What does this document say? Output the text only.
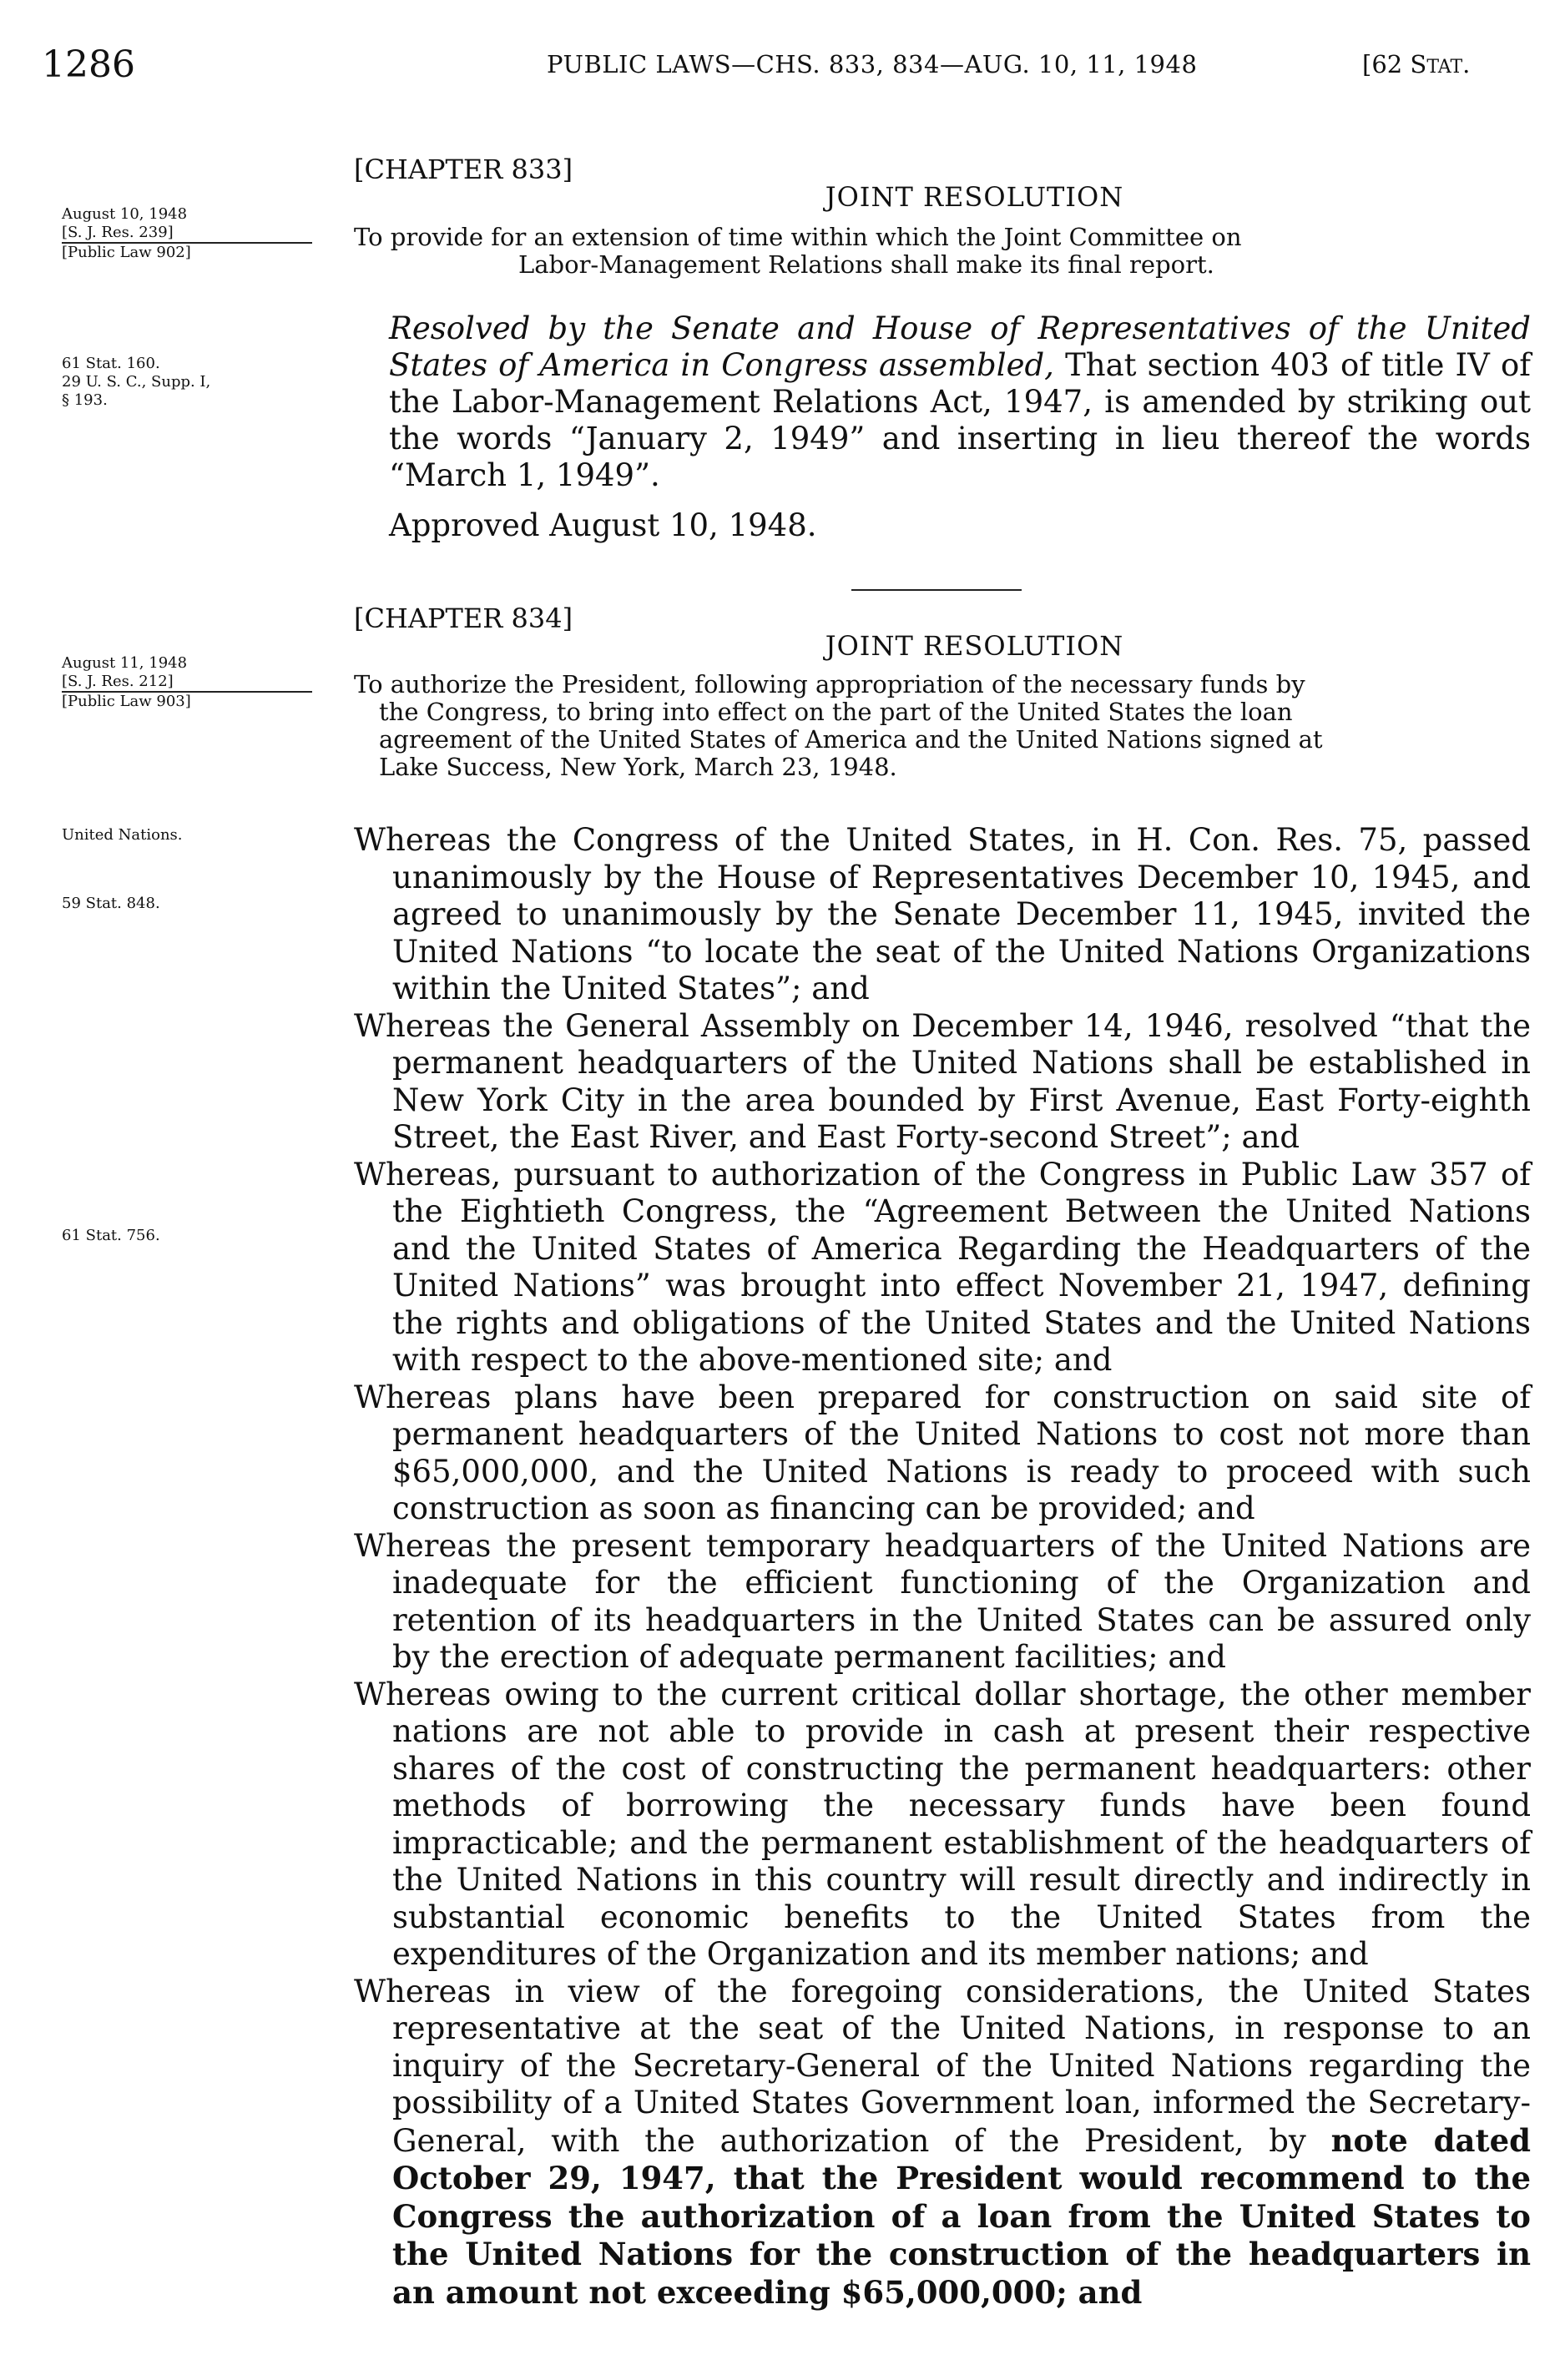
1286	PUBLIC LAWS—CHS. 833, 834—AUG. 10, 11, 1948	[62 STAT.
[CHAPTER 833]
JOINT RESOLUTION
August 10, 1948
[S. J. Res. 239]
[Public Law 902]
To provide for an extension of time within which the Joint Committee on
Labor-Management Relations shall make its final report.
61 Stat. 160.
29 U. S. C., Supp. I,
§ 193.

Resolved by the Senate and House of Representatives of the United States of America in Congress assembled, That section 403 of title IV of the Labor-Management Relations Act, 1947, is amended by striking out the words “January 2, 1949” and inserting in lieu thereof the words “March 1, 1949”.

Approved August 10, 1948.
[CHAPTER 834]
JOINT RESOLUTION
August 11, 1948
[S. J. Res. 212]
[Public Law 903]
To authorize the President, following appropriation of the necessary funds by
the Congress, to bring into effect on the part of the United States the loan
agreement of the United States of America and the United Nations signed at
Lake Success, New York, March 23, 1948.
United Nations.
59 Stat. 848.
61 Stat. 756.

Whereas the Congress of the United States, in H. Con. Res. 75, passed unanimously by the House of Representatives December 10, 1945, and agreed to unanimously by the Senate December 11, 1945, invited the United Nations “to locate the seat of the United Nations Organizations within the United States”; and

Whereas the General Assembly on December 14, 1946, resolved “that the permanent headquarters of the United Nations shall be established in New York City in the area bounded by First Avenue, East Forty-eighth Street, the East River, and East Forty-second Street”; and

Whereas, pursuant to authorization of the Congress in Public Law 357 of the Eightieth Congress, the “Agreement Between the United Nations and the United States of America Regarding the Headquarters of the United Nations” was brought into effect November 21, 1947, defining the rights and obligations of the United States and the United Nations with respect to the above-mentioned site; and

Whereas plans have been prepared for construction on said site of permanent headquarters of the United Nations to cost not more than $65,000,000, and the United Nations is ready to proceed with such construction as soon as financing can be provided; and

Whereas the present temporary headquarters of the United Nations are inadequate for the efficient functioning of the Organization and retention of its headquarters in the United States can be assured only by the erection of adequate permanent facilities; and

Whereas owing to the current critical dollar shortage, the other member nations are not able to provide in cash at present their respective shares of the cost of constructing the permanent headquarters: other methods of borrowing the necessary funds have been found impracticable; and the permanent establishment of the headquarters of the United Nations in this country will result directly and indirectly in substantial economic benefits to the United States from the expenditures of the Organization and its member nations; and

Whereas in view of the foregoing considerations, the United States representative at the seat of the United Nations, in response to an inquiry of the Secretary-General of the United Nations regarding the possibility of a United States Government loan, informed the Secretary-General, with the authorization of the President, by note dated October 29, 1947, that the President would recommend to the Congress the authorization of a loan from the United States to the United Nations for the construction of the headquarters in an amount not exceeding $65,000,000; and
